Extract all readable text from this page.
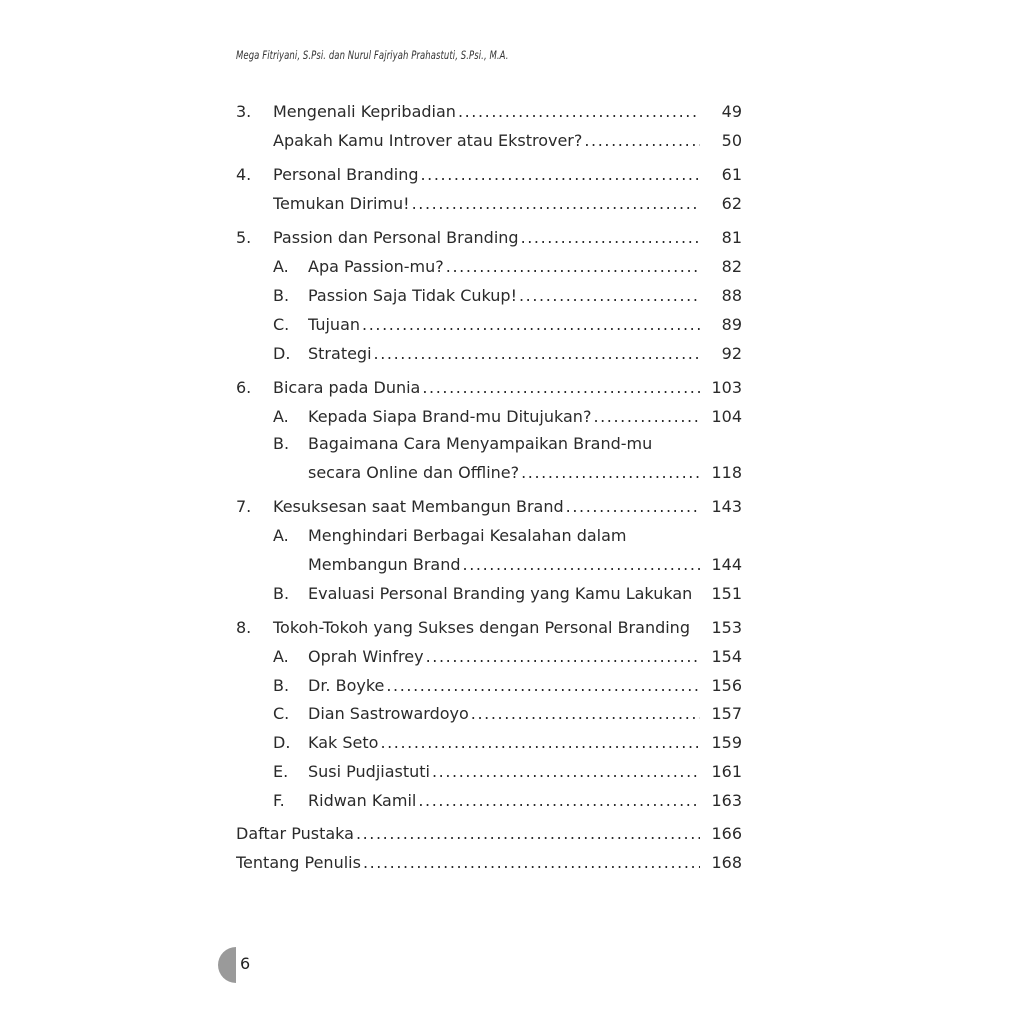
Mega Fitriyani, S.Psi. dan Nurul Fajriyah Prahastuti, S.Psi., M.A.
3. Mengenali Kepribadian .....	49
Apakah Kamu Introver atau Ekstrover? .....	50
4. Personal Branding .....	61
Temukan Dirimu! .....	62
5. Passion dan Personal Branding .....	81
A. Apa Passion-mu? .....	82
B. Passion Saja Tidak Cukup! .....	88
C. Tujuan .....	89
D. Strategi .....	92
6. Bicara pada Dunia .....	103
A. Kepada Siapa Brand-mu Ditujukan? .....	104
B. Bagaimana Cara Menyampaikan Brand-mu
secara Online dan Offline? .....	118
7. Kesuksesan saat Membangun Brand .....	143
A. Menghindari Berbagai Kesalahan dalam
Membangun Brand .....	144
B. Evaluasi Personal Branding yang Kamu Lakukan	151
8. Tokoh-Tokoh yang Sukses dengan Personal Branding	153
A. Oprah Winfrey .....	154
B. Dr. Boyke .....	156
C. Dian Sastrowardoyo .....	157
D. Kak Seto .....	159
E. Susi Pudjiastuti .....	161
F. Ridwan Kamil .....	163
Daftar Pustaka .....	166
Tentang Penulis .....	168
6
